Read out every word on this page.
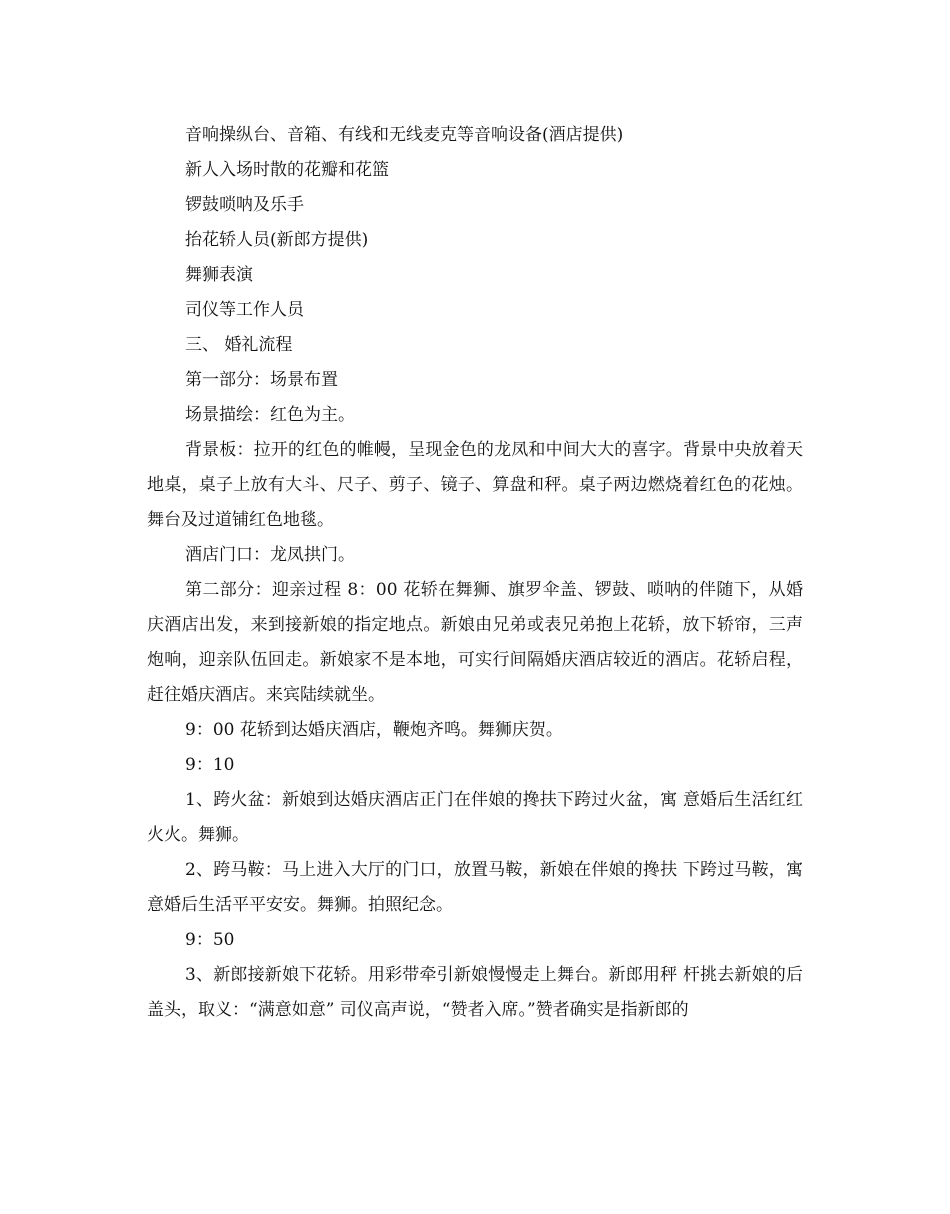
音响操纵台、音箱、有线和无线麦克等音响设备(酒店提供)

新人入场时散的花瓣和花篮

锣鼓唢呐及乐手

抬花轿人员(新郎方提供)

舞狮表演

司仪等工作人员

三、 婚礼流程

第一部分：场景布置

场景描绘：红色为主。

背景板：拉开的红色的帷幔，呈现金色的龙凤和中间大大的喜字。背景中央放着天地桌，桌子上放有大斗、尺子、剪子、镜子、算盘和秤。桌子两边燃烧着红色的花烛。舞台及过道铺红色地毯。

酒店门口：龙凤拱门。

第二部分：迎亲过程 8：00 花轿在舞狮、旗罗伞盖、锣鼓、唢呐的伴随下，从婚庆酒店出发，来到接新娘的指定地点。新娘由兄弟或表兄弟抱上花轿，放下轿帘，三声炮响，迎亲队伍回走。新娘家不是本地，可实行间隔婚庆酒店较近的酒店。花轿启程，赶往婚庆酒店。来宾陆续就坐。

9：00 花轿到达婚庆酒店，鞭炮齐鸣。舞狮庆贺。

9：10

1、跨火盆：新娘到达婚庆酒店正门在伴娘的搀扶下跨过火盆，寓 意婚后生活红红火火。舞狮。

2、跨马鞍：马上进入大厅的门口，放置马鞍，新娘在伴娘的搀扶 下跨过马鞍，寓意婚后生活平平安安。舞狮。拍照纪念。

9：50

3、新郎接新娘下花轿。用彩带牵引新娘慢慢走上舞台。新郎用秤 杆挑去新娘的后盖头，取义：“满意如意” 司仪高声说，“赞者入席。”赞者确实是指新郎的
